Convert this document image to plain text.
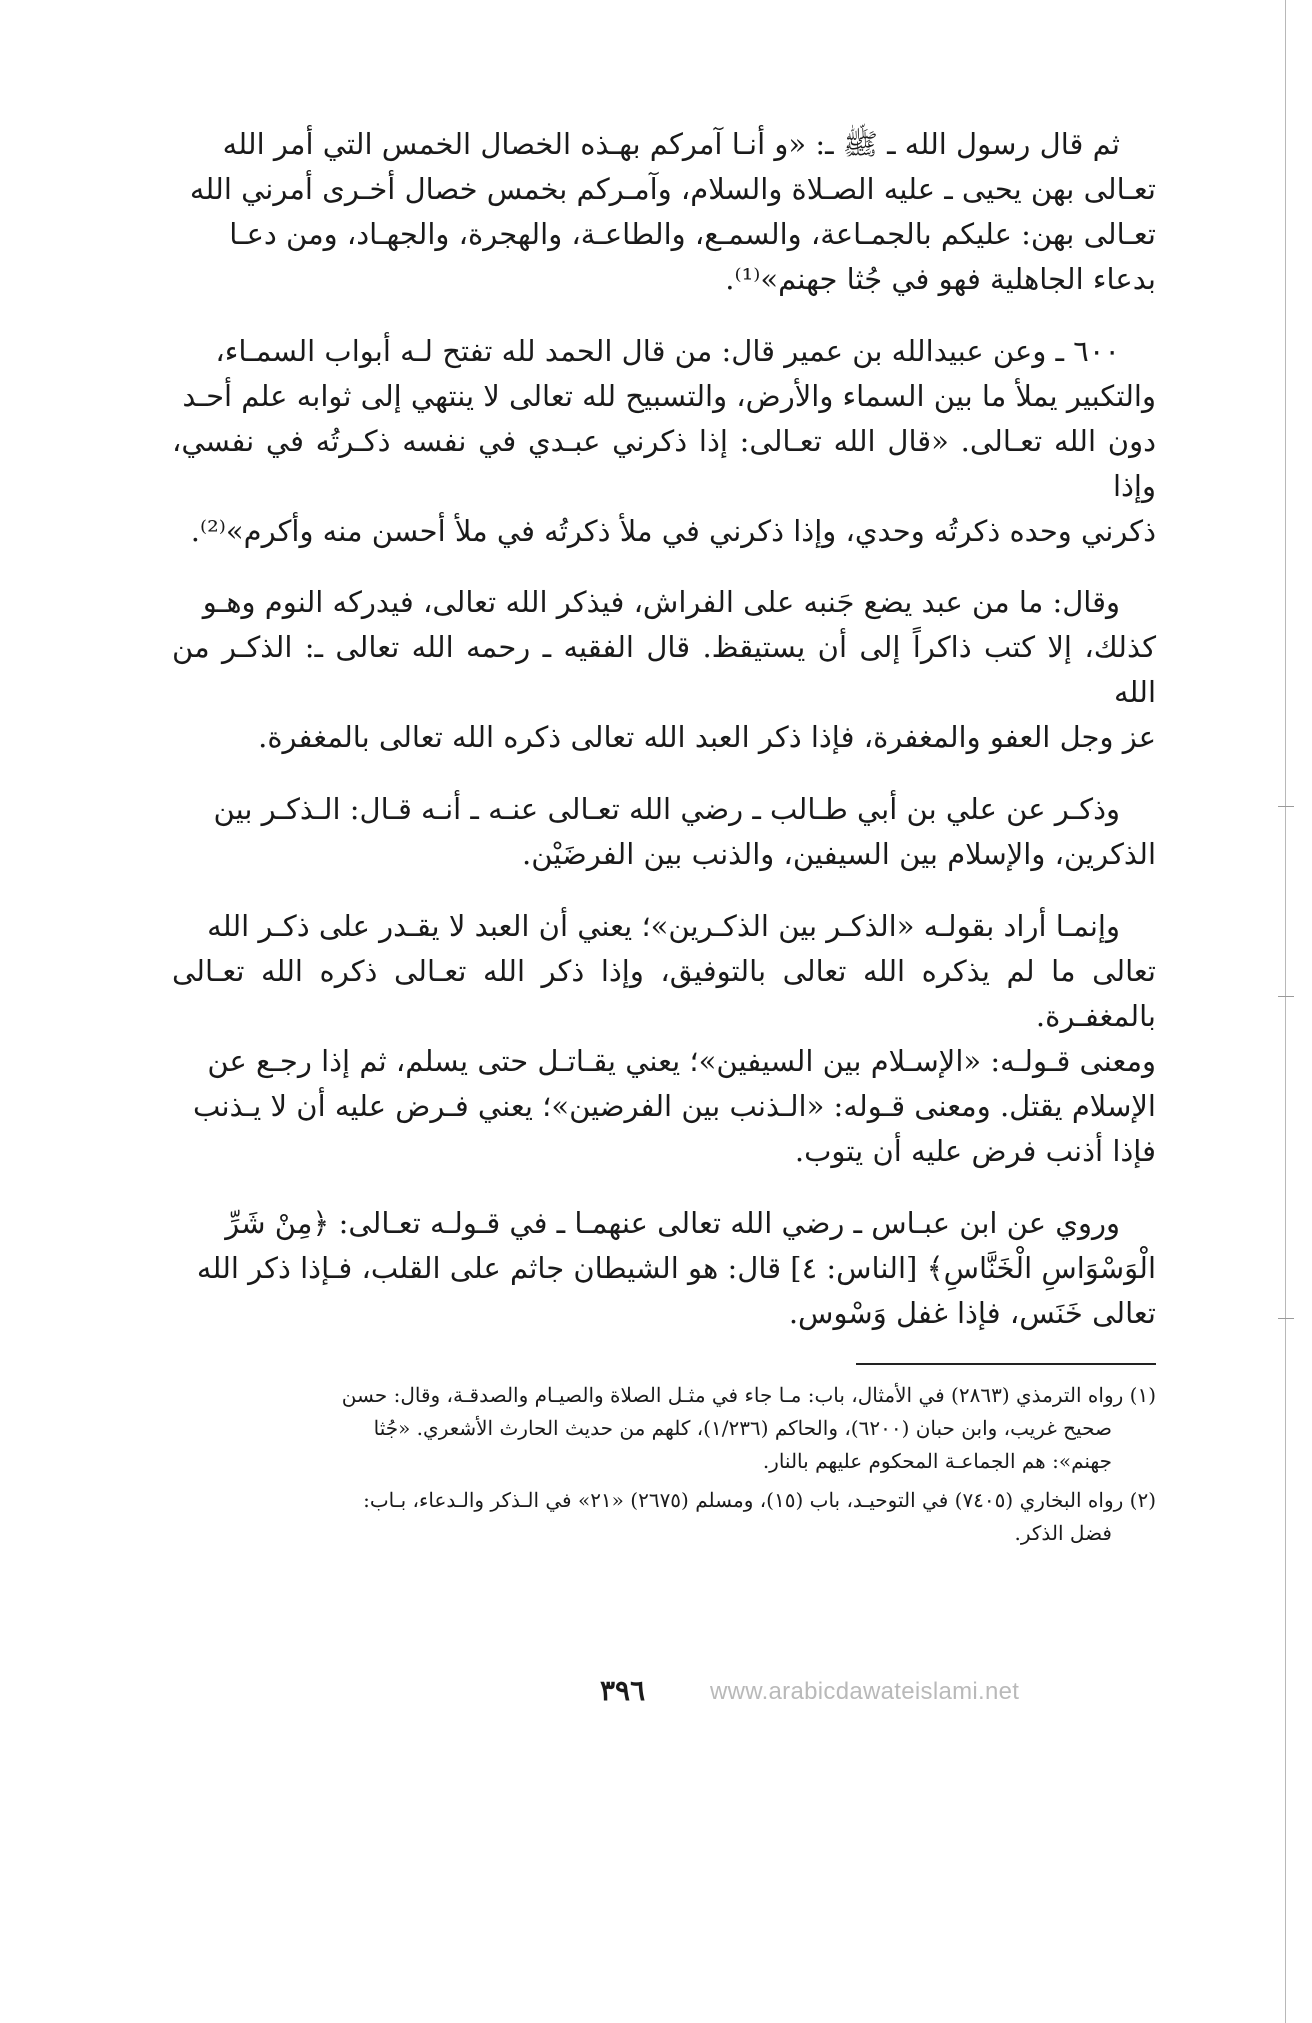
ثم قال رسول الله ـ ﷺ ـ: «و أنـا آمركم بهـذه الخصال الخمس التي أمر الله
تعـالى بهن يحيى ـ عليه الصـلاة والسلام، وآمـركم بخمس خصال أخـرى أمرني الله
تعـالى بهن: عليكم بالجمـاعة، والسمـع، والطاعـة، والهجرة، والجهـاد، ومن دعـا
بدعاء الجاهلية فهو في جُثا جهنم»⁽¹⁾.

٦٠٠ ـ وعن عبيدالله بن عمير قال: من قال الحمد لله تفتح لـه أبواب السمـاء،
والتكبير يملأ ما بين السماء والأرض، والتسبيح لله تعالى لا ينتهي إلى ثوابه علم أحـد
دون الله تعـالى. «قال الله تعـالى: إذا ذكرني عبـدي في نفسه ذكـرتُه في نفسي، وإذا
ذكرني وحده ذكرتُه وحدي، وإذا ذكرني في ملأ ذكرتُه في ملأ أحسن منه وأكرم»⁽²⁾.

وقال: ما من عبد يضع جَنبه على الفراش، فيذكر الله تعالى، فيدركه النوم وهـو
كذلك، إلا كتب ذاكراً إلى أن يستيقظ. قال الفقيه ـ رحمه الله تعالى ـ: الذكـر من الله
عز وجل العفو والمغفرة، فإذا ذكر العبد الله تعالى ذكره الله تعالى بالمغفرة.

وذكـر عن علي بن أبي طـالب ـ رضي الله تعـالى عنـه ـ أنـه قـال: الـذكـر بين
الذكرين، والإسلام بين السيفين، والذنب بين الفرضَيْن.

وإنمـا أراد بقولـه «الذكـر بين الذكـرين»؛ يعني أن العبد لا يقـدر على ذكـر الله
تعالى ما لم يذكره الله تعالى بالتوفيق، وإذا ذكر الله تعـالى ذكره الله تعـالى بالمغفـرة.
ومعنى قـولـه: «الإسـلام بين السيفين»؛ يعني يقـاتـل حتى يسلم، ثم إذا رجـع عن
الإسلام يقتل. ومعنى قـوله: «الـذنب بين الفرضين»؛ يعني فـرض عليه أن لا يـذنب
فإذا أذنب فرض عليه أن يتوب.

وروي عن ابن عبـاس ـ رضي الله تعالى عنهمـا ـ في قـولـه تعـالى: ﴿مِنْ شَرِّ
الْوَسْوَاسِ الْخَنَّاسِ﴾ [الناس: ٤] قال: هو الشيطان جاثم على القلب، فـإذا ذكر الله
تعالى خَنَس، فإذا غفل وَسْوس.

(١) رواه الترمذي (٢٨٦٣) في الأمثال، باب: مـا جاء في مثـل الصلاة والصيـام والصدقـة، وقال: حسن
صحيح غريب، وابن حبان (٦٢٠٠)، والحاكم (١/٢٣٦)، كلهم من حديث الحارث الأشعري. «جُثا
جهنم»: هم الجماعـة المحكوم عليهم بالنار.

(٢) رواه البخاري (٧٤٠٥) في التوحيـد، باب (١٥)، ومسلم (٢٦٧٥) «٢١» في الـذكر والـدعاء، بـاب:
فضل الذكر.

٣٩٦	www.arabicdawateislami.net
